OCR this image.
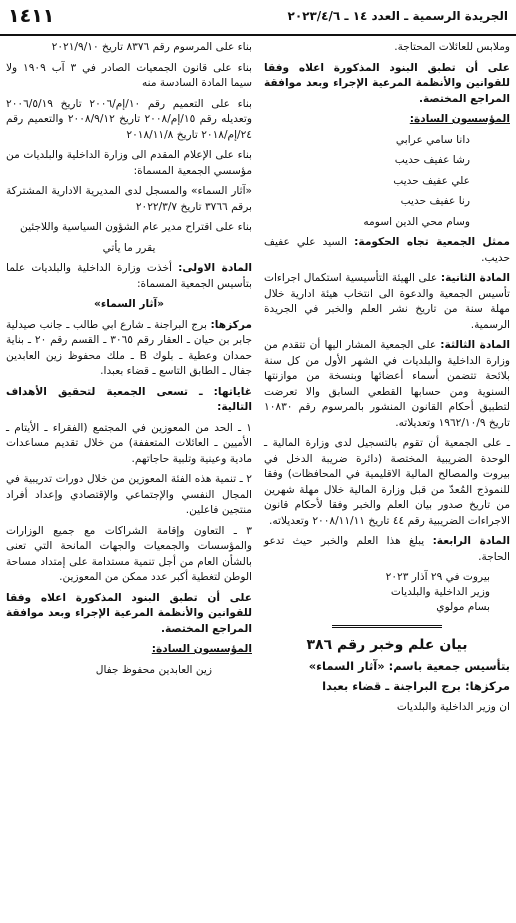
الجريدة الرسمية ـ العدد ١٤ ـ ٢٠٢٣/٤/٦
١٤١١

وملابس للعائلات المحتاجة.

على أن تطبق البنود المذكورة اعلاه وفقا للقوانين والأنظمة المرعية الإجراء وبعد موافقة المراجع المختصة.

المؤسسون السادة:

دانا سامي عرابي

رشا عفيف حديب

علي عفيف حديب

رنا عفيف حديب

وسام محي الدين اسومه

ممثل الجمعية تجاه الحكومة: السيد علي عفيف حديب.

المادة الثانية: على الهيئة التأسيسية استكمال اجراءات تأسيس الجمعية والدعوة الى انتخاب هيئة ادارية خلال مهلة سنة من تاريخ نشر العلم والخبر في الجريدة الرسمية.

المادة الثالثة: على الجمعية المشار اليها أن تتقدم من وزارة الداخلية والبلديات في الشهر الأول من كل سنة بلائحة تتضمن أسماء أعضائها وبنسخة من موازنتها السنوية ومن حسابها القطعي السابق والا تعرضت لتطبيق أحكام القانون المنشور بالمرسوم رقم ١٠٨٣٠ تاريخ ١٩٦٢/١٠/٩ وتعديلاته.

ـ على الجمعية أن تقوم بالتسجيل لدى وزارة المالية ـ الوحدة الضريبية المختصة (دائرة ضريبة الدخل في بيروت والمصالح المالية الاقليمية في المحافظات) وفقا للنموذج المُعدّ من قبل وزارة المالية خلال مهلة شهرين من تاريخ صدور بيان العلم والخبر وفقا لأحكام قانون الاجراءات الضريبية رقم ٤٤ تاريخ ٢٠٠٨/١١/١١ وتعديلاته.

المادة الرابعة: يبلغ هذا العلم والخبر حيث تدعو الحاجة.

بيروت في ٢٩ آذار ٢٠٢٣

وزير الداخلية والبلديات

بسام مولوي

بيان علم وخبر رقم ٣٨٦

بتأسيس جمعية باسم: «آثار السماء»

مركزها: برج البراجنة ـ قضاء بعبدا

ان وزير الداخلية والبلديات

بناء على المرسوم رقم ٨٣٧٦ تاريخ ٢٠٢١/٩/١٠

بناء على قانون الجمعيات الصادر في ٣ آب ١٩٠٩ ولا سيما المادة السادسة منه

بناء على التعميم رقم ١٠/إم/٢٠٠٦ تاريخ ٢٠٠٦/٥/١٩ وتعديله رقم ١٥/إم/٢٠٠٨ تاريخ ٢٠٠٨/٩/١٢ والتعميم رقم ٢٤/إم/٢٠١٨ تاريخ ٢٠١٨/١١/٨

بناء على الإعلام المقدم الى وزارة الداخلية والبلديات من مؤسسي الجمعية المسماة:

«آثار السماء» والمسجل لدى المديرية الادارية المشتركة برقم ٣٧٦٦ تاريخ ٢٠٢٢/٣/٧

بناء على اقتراح مدير عام الشؤون السياسية واللاجئين

يقرر ما يأتي

المادة الاولى: أخذت وزارة الداخلية والبلديات علما بتأسيس الجمعية المسماة:

«آثار السماء»

مركزها: برج البراجنة ـ شارع ابي طالب ـ جانب صيدلية جابر بن حيان ـ العقار رقم ٣٠٦٥ ـ القسم رقم ٢٠ ـ بناية حمدان وعطية ـ بلوك B ـ ملك محفوظ زين العابدين جفال ـ الطابق التاسع ـ قضاء بعبدا.

غاياتها: ـ تسعى الجمعية لتحقيق الأهداف التالية:

١ ـ الحد من المعوزين في المجتمع (الفقراء ـ الأيتام ـ الأميين ـ العائلات المتعففة) من خلال تقديم مساعدات مادية وعينية وتلبية حاجاتهم.

٢ ـ تنمية هذه الفئة المعوزين من خلال دورات تدريبية في المجال النفسي والإجتماعي والإقتصادي وإعداد أفراد منتجين فاعلين.

٣ ـ التعاون وإقامة الشراكات مع جميع الوزارات والمؤسسات والجمعيات والجهات المانحة التي تعنى بالشأن العام من أجل تنمية مستدامة على إمتداد مساحة الوطن لتغطية أكبر عدد ممكن من المعوزين.

على أن تطبق البنود المذكورة اعلاه وفقا للقوانين والأنظمة المرعية الإجراء وبعد موافقة المراجع المختصة.

المؤسسون السادة:

زين العابدين محفوظ جفال
